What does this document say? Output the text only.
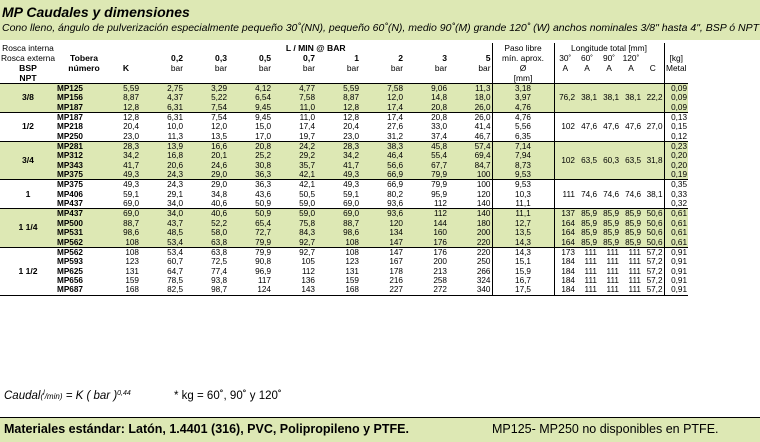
MP Caudales y dimensiones
Cono lleno, ángulo de pulverización especialmente pequeño 30˚(NN), pequeño 60˚(N), medio 90˚(M) grande 120˚ (W) anchos nominales 3/8" hasta 4", BSP ó NPT
Rosca interna			L / MIN @ BAR								Paso libre	Longitude total [mm]					
Rosca externa	Tobera		0,2	0,3	0,5	0,7	1	2	3	5	mín. aprox.	30˚	60˚	90˚	120˚		[kg]
BSP	número	K	bar	bar	bar	bar	bar	bar	bar	bar	Ø	A	A	A	A	C	Metal
NPT											[mm]						
3/8	MP125	5,59	2,75	3,29	4,12	4,77	5,59	7,58	9,06	11,3	3,18	76,2	38,1	38,1	38,1	22,2	0,09
	MP156	8,87	4,37	5,22	6,54	7,58	8,87	12,0	14,8	18,0	3,97						0,09
	MP187	12,8	6,31	7,54	9,45	11,0	12,8	17,4	20,8	26,0	4,76						0,09
1/2	MP187	12,8	6,31	7,54	9,45	11,0	12,8	17,4	20,8	26,0	4,76	102	47,6	47,6	47,6	27,0	0,13
	MP218	20,4	10,0	12,0	15,0	17,4	20,4	27,6	33,0	41,4	5,56						0,15
	MP250	23,0	11,3	13,5	17,0	19,7	23,0	31,2	37,4	46,7	6,35						0,12
3/4	MP281	28,3	13,9	16,6	20,8	24,2	28,3	38,3	45,8	57,4	7,14	102	63,5	60,3	63,5	31,8	0,23
	MP312	34,2	16,8	20,1	25,2	29,2	34,2	46,4	55,4	69,4	7,94						0,20
	MP343	41,7	20,6	24,6	30,8	35,7	41,7	56,6	67,7	84,7	8,73						0,20
	MP375	49,3	24,3	29,0	36,3	42,1	49,3	66,9	79,9	100	9,53						0,19
1	MP375	49,3	24,3	29,0	36,3	42,1	49,3	66,9	79,9	100	9,53	111	74,6	74,6	74,6	38,1	0,35
	MP406	59,1	29,1	34,8	43,6	50,5	59,1	80,2	95,9	120	10,3						0,33
	MP437	69,0	34,0	40,6	50,9	59,0	69,0	93,6	112	140	11,1						0,32
1 1/4	MP437	69,0	34,0	40,6	50,9	59,0	69,0	93,6	112	140	11,1	137	85,9	85,9	85,9	50,6	0,61
	MP500	88,7	43,7	52,2	65,4	75,8	88,7	120	144	180	12,7	164	85,9	85,9	85,9	50,6	0,61
	MP531	98,6	48,5	58,0	72,7	84,3	98,6	134	160	200	13,5	164	85,9	85,9	85,9	50,6	0,61
	MP562	108	53,4	63,8	79,9	92,7	108	147	176	220	14,3	164	85,9	85,9	85,9	50,6	0,61
1 1/2	MP562	108	53,4	63,8	79,9	92,7	108	147	176	220	14,3	173	111	111	111	57,2	0,91
	MP593	123	60,7	72,5	90,8	105	123	167	200	250	15,1	184	111	111	111	57,2	0,91
	MP625	131	64,7	77,4	96,9	112	131	178	213	266	15,9	184	111	111	111	57,2	0,91
	MP656	159	78,5	93,8	117	136	159	216	258	324	16,7	184	111	111	111	57,2	0,91
	MP687	168	82,5	98,7	124	143	168	227	272	340	17,5	184	111	111	111	57,2	0,91
Caudal($^l$/min) = K ( bar )$^{0,44}$	* kg = 60˚, 90˚ y 120˚
Materiales estándar: Latón, 1.4401 (316), PVC, Polipropileno y PTFE.	MP125- MP250 no disponibles en PTFE.
